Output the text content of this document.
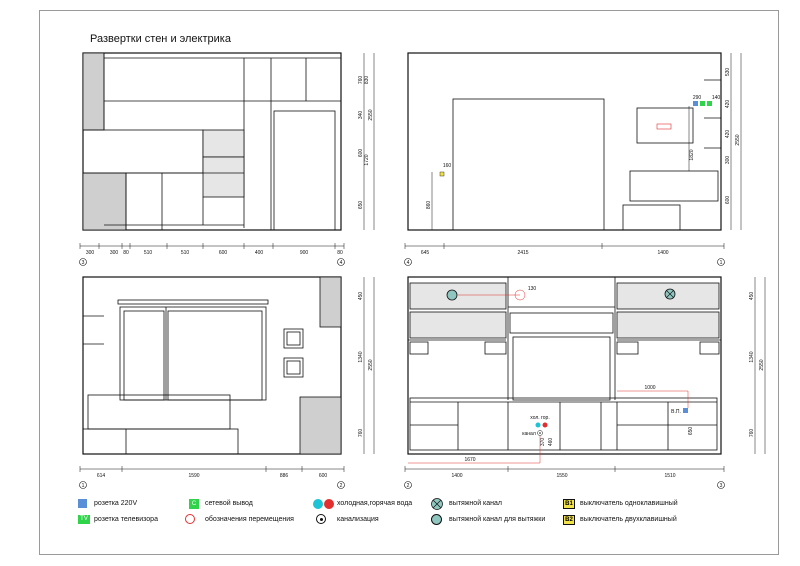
Развертки стен и электрика
300	300 80	510	510	600	400	900	80
3	4
645	2415	1400
4	1
290 140
160
614	1590	886	600
1	2
1400	1550	1510
2	3
130
1670
1000
хол. гор.
канал
В.П.
760 830
340
600
1720
650
2550
530
420
420
300
600
2550
1820
860
450
1340
760
2550
450
1340
760
2550
650
370 460
розетка 220V
TV розетка телевизора
C	сетевой вывод
обозначения перемещения
холодная,горячая вода
канализация
вытяжной канал
вытяжной канал для вытяжки
B1	выключатель одноклавишный
B2	выключатель двухклавишный
